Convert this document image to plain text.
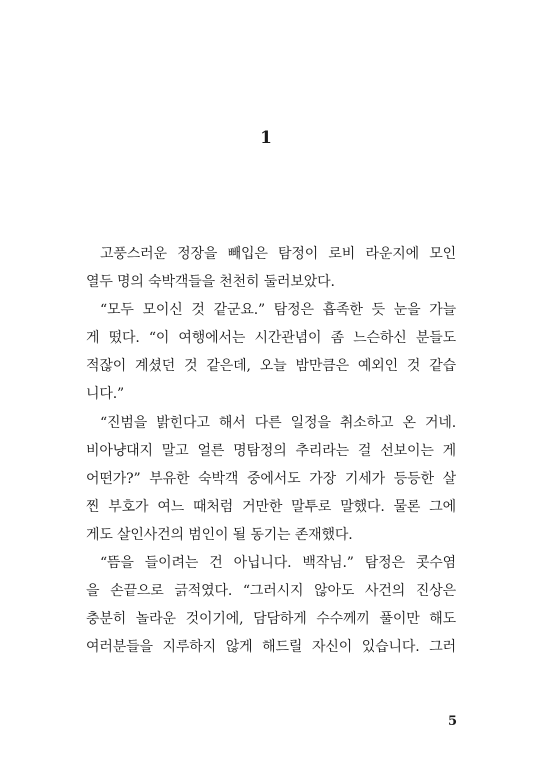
1
고풍스러운 정장을 빼입은 탐정이 로비 라운지에 모인
열두 명의 숙박객들을 천천히 둘러보았다.
“모두 모이신 것 같군요.” 탐정은 흡족한 듯 눈을 가늘
게 떴다. “이 여행에서는 시간관념이 좀 느슨하신 분들도
적잖이 계셨던 것 같은데, 오늘 밤만큼은 예외인 것 같습
니다.”
“진범을 밝힌다고 해서 다른 일정을 취소하고 온 거네.
비아냥대지 말고 얼른 명탐정의 추리라는 걸 선보이는 게
어떤가?” 부유한 숙박객 중에서도 가장 기세가 등등한 살
찐 부호가 여느 때처럼 거만한 말투로 말했다. 물론 그에
게도 살인사건의 범인이 될 동기는 존재했다.
“뜸을 들이려는 건 아닙니다. 백작님.” 탐정은 콧수염
을 손끝으로 긁적였다. “그러시지 않아도 사건의 진상은
충분히 놀라운 것이기에, 담담하게 수수께끼 풀이만 해도
여러분들을 지루하지 않게 해드릴 자신이 있습니다. 그러
5
